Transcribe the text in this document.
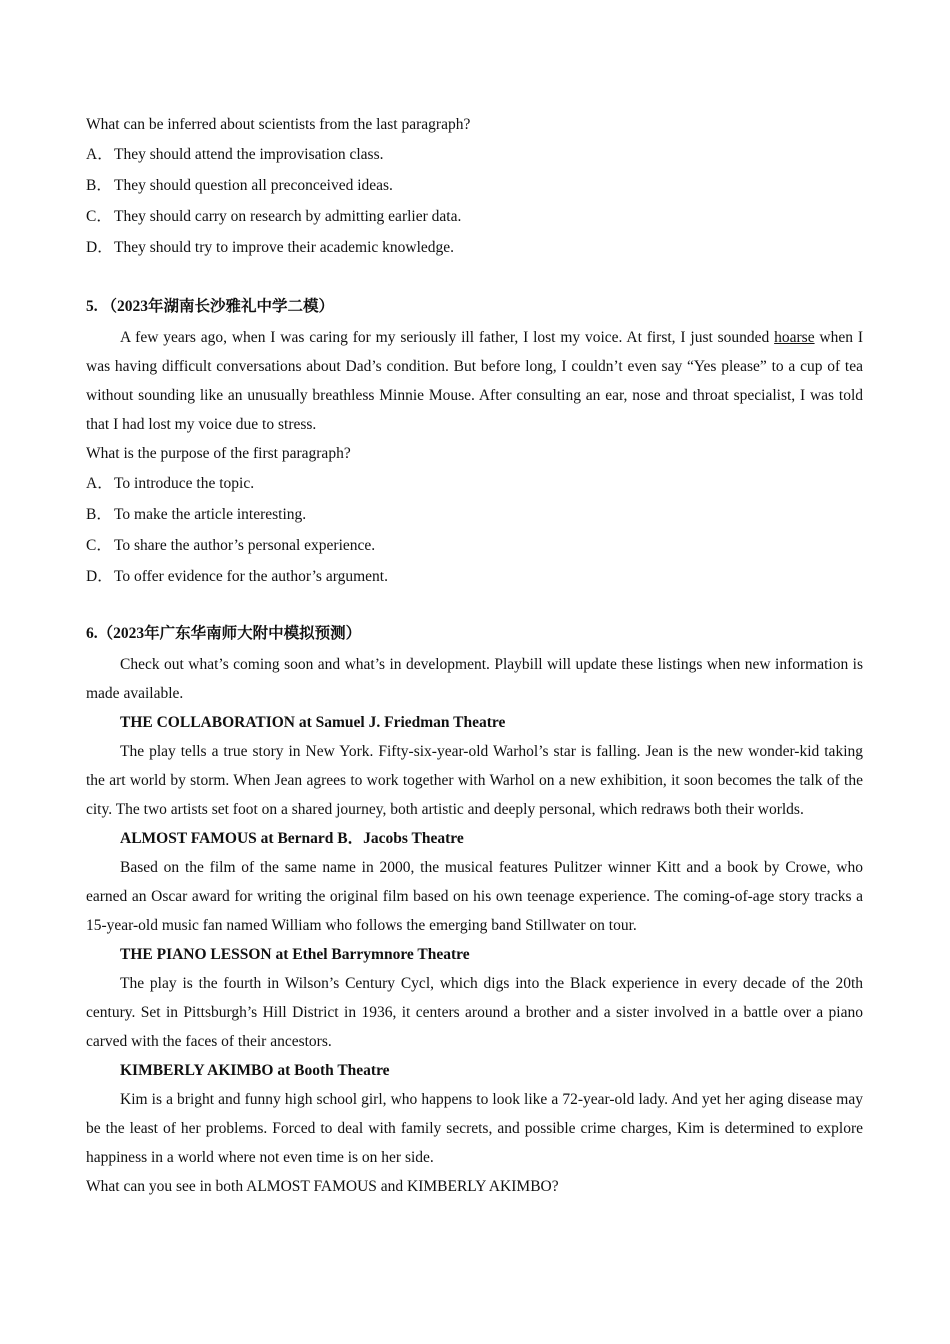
What can be inferred about scientists from the last paragraph?

A．They should attend the improvisation class.

B． They should question all preconceived ideas.

C． They should carry on research by admitting earlier data.

D．They should try to improve their academic knowledge.

5. （2023年湖南长沙雅礼中学二模）

A few years ago, when I was caring for my seriously ill father, I lost my voice. At first, I just sounded hoarse when I was having difficult conversations about Dad’s condition. But before long, I couldn’t even say “Yes please” to a cup of tea without sounding like an unusually breathless Minnie Mouse. After consulting an ear, nose and throat specialist, I was told that I had lost my voice due to stress.

What is the purpose of the first paragraph?

A．To introduce the topic.

B． To make the article interesting.

C． To share the author’s personal experience.

D．To offer evidence for the author’s argument.

6.（2023年广东华南师大附中模拟预测）

Check out what’s coming soon and what’s in development. Playbill will update these listings when new information is made available.

THE COLLABORATION at Samuel J. Friedman Theatre

The play tells a true story in New York. Fifty-six-year-old Warhol’s star is falling. Jean is the new wonder-kid taking the art world by storm. When Jean agrees to work together with Warhol on a new exhibition, it soon becomes the talk of the city. The two artists set foot on a shared journey, both artistic and deeply personal, which redraws both their worlds.

ALMOST FAMOUS at Bernard B．Jacobs Theatre

Based on the film of the same name in 2000, the musical features Pulitzer winner Kitt and a book by Crowe, who earned an Oscar award for writing the original film based on his own teenage experience. The coming-of-age story tracks a 15-year-old music fan named William who follows the emerging band Stillwater on tour.

THE PIANO LESSON at Ethel Barrymnore Theatre

The play is the fourth in Wilson’s Century Cycl, which digs into the Black experience in every decade of the 20th century. Set in Pittsburgh’s Hill District in 1936, it centers around a brother and a sister involved in a battle over a piano carved with the faces of their ancestors.

KIMBERLY AKIMBO at Booth Theatre

Kim is a bright and funny high school girl, who happens to look like a 72-year-old lady. And yet her aging disease may be the least of her problems. Forced to deal with family secrets, and possible crime charges, Kim is determined to explore happiness in a world where not even time is on her side.

What can you see in both ALMOST FAMOUS and KIMBERLY AKIMBO?
